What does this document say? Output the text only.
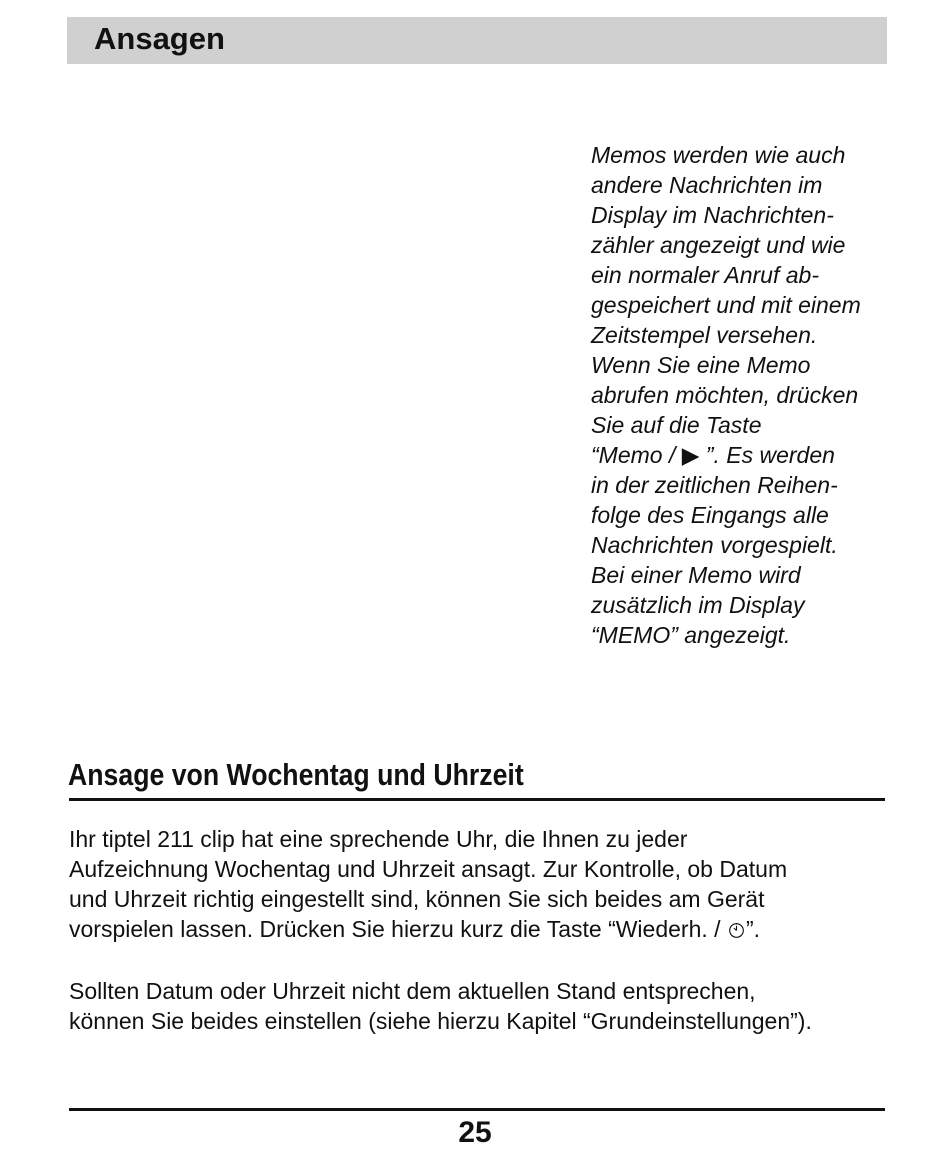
Ansagen
Memos werden wie auch
andere Nachrichten im
Display im Nachrichten-
zähler angezeigt und wie
ein normaler Anruf ab-
gespeichert und mit einem
Zeitstempel versehen.
Wenn Sie eine Memo
abrufen möchten, drücken
Sie auf die Taste
“Memo / ▶ ”. Es werden
in der zeitlichen Reihen-
folge des Eingangs alle
Nachrichten vorgespielt.
Bei einer Memo wird
zusätzlich im Display
“MEMO” angezeigt.
Ansage von Wochentag und Uhrzeit
Ihr tiptel 211 clip hat eine sprechende Uhr, die Ihnen zu jeder
Aufzeichnung Wochentag und Uhrzeit ansagt. Zur Kontrolle, ob Datum
und Uhrzeit richtig eingestellt sind, können Sie sich beides am Gerät
vorspielen lassen. Drücken Sie hierzu kurz die Taste “Wiederh. / ”.
Sollten Datum oder Uhrzeit nicht dem aktuellen Stand entsprechen,
können Sie beides einstellen (siehe hierzu Kapitel “Grundeinstellungen”).
25
